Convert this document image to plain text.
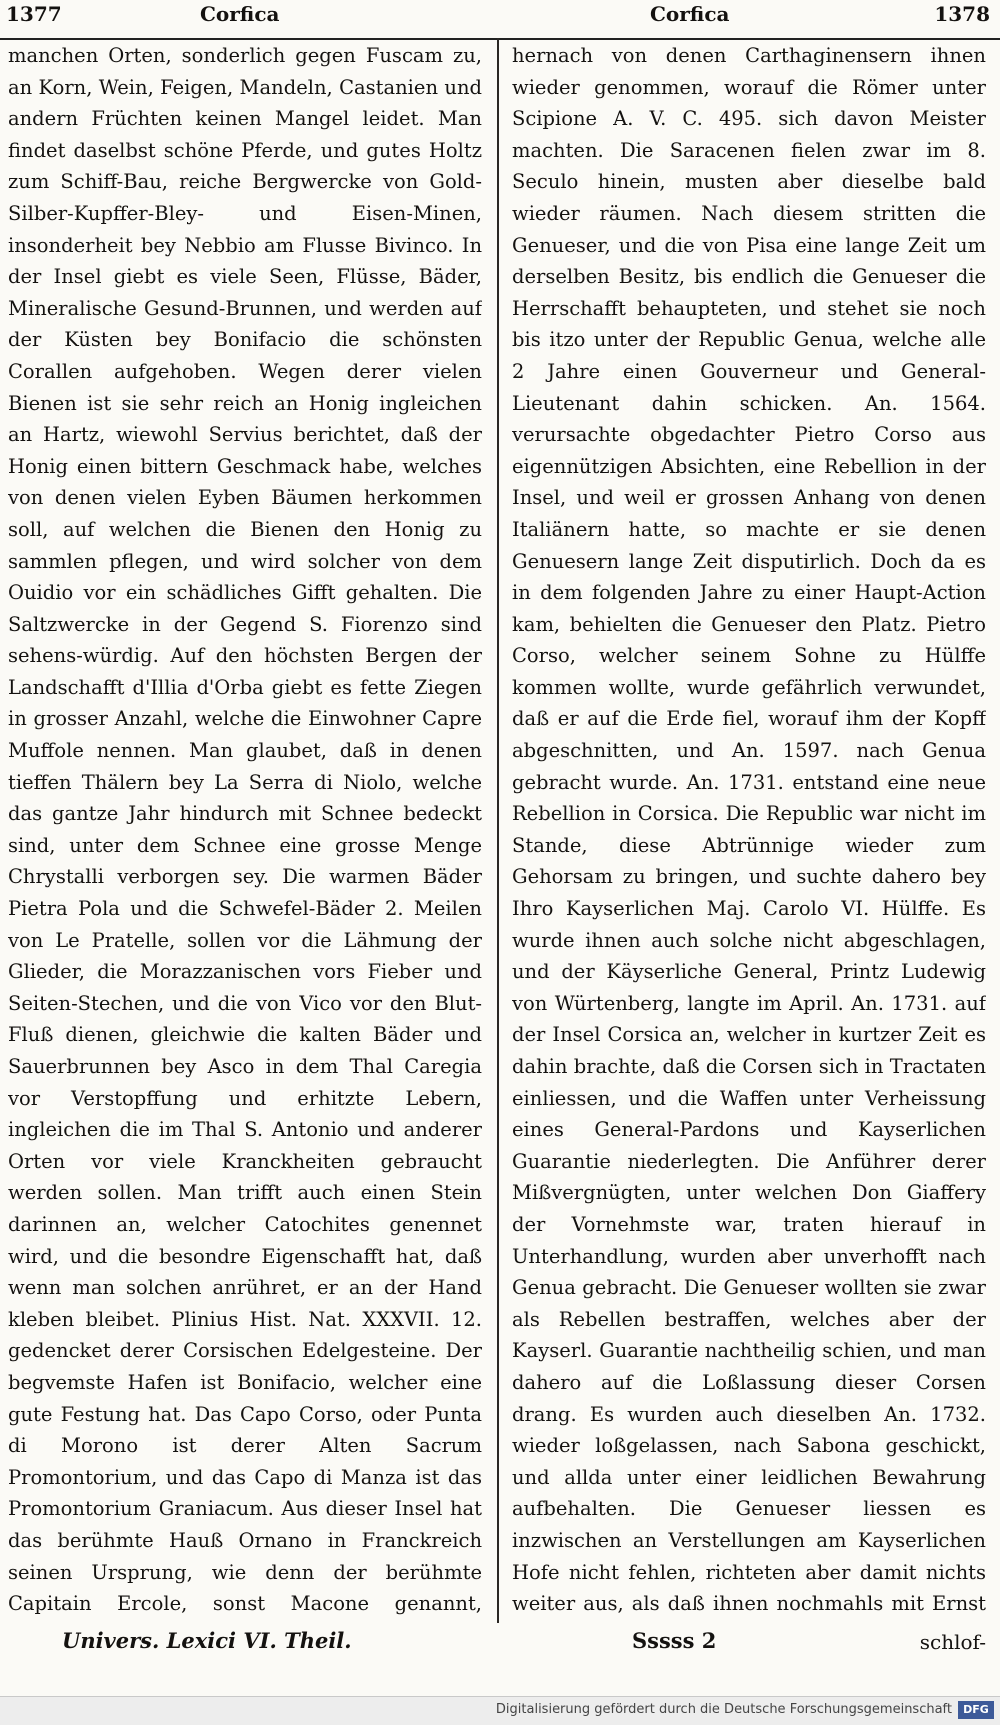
1377	Corfica	Corfica	1378
manchen Orten, sonderlich gegen Fuscam zu, an Korn, Wein, Feigen, Mandeln, Castanien und andern Früchten keinen Mangel leidet. Man findet daselbst schöne Pferde, und gutes Holtz zum Schiff-Bau, reiche Bergwercke von Gold-Silber-Kupffer-Bley- und Eisen-Minen, insonderheit bey Nebbio am Flusse Bivinco. In der Insel giebt es viele Seen, Flüsse, Bäder, Mineralische Gesund-Brunnen, und werden auf der Küsten bey Bonifacio die schönsten Corallen aufgehoben. Wegen derer vielen Bienen ist sie sehr reich an Honig ingleichen an Hartz, wiewohl Servius berichtet, daß der Honig einen bittern Geschmack habe, welches von denen vielen Eyben Bäumen herkommen soll, auf welchen die Bienen den Honig zu sammlen pflegen, und wird solcher von dem Ouidio vor ein schädliches Gifft gehalten. Die Saltzwercke in der Gegend S. Fiorenzo sind sehens-würdig. Auf den höchsten Bergen der Landschafft d'Illia d'Orba giebt es fette Ziegen in grosser Anzahl, welche die Einwohner Capre Muffole nennen. Man glaubet, daß in denen tieffen Thälern bey La Serra di Niolo, welche das gantze Jahr hindurch mit Schnee bedeckt sind, unter dem Schnee eine grosse Menge Chrystalli verborgen sey. Die warmen Bäder Pietra Pola und die Schwefel-Bäder 2. Meilen von Le Pratelle, sollen vor die Lähmung der Glieder, die Morazzanischen vors Fieber und Seiten-Stechen, und die von Vico vor den Blut-Fluß dienen, gleichwie die kalten Bäder und Sauerbrunnen bey Asco in dem Thal Caregia vor Verstopffung und erhitzte Lebern, ingleichen die im Thal S. Antonio und anderer Orten vor viele Kranckheiten gebraucht werden sollen. Man trifft auch einen Stein darinnen an, welcher Catochites genennet wird, und die besondre Eigenschafft hat, daß wenn man solchen anrühret, er an der Hand kleben bleibet. Plinius Hist. Nat. XXXVII. 12. gedencket derer Corsischen Edelgesteine. Der begvemste Hafen ist Bonifacio, welcher eine gute Festung hat. Das Capo Corso, oder Punta di Morono ist derer Alten Sacrum Promontorium, und das Capo di Manza ist das Promontorium Graniacum. Aus dieser Insel hat das berühmte Hauß Ornano in Franckreich seinen Ursprung, wie denn der berühmte Capitain Ercole, sonst Macone genannt,
hernach von denen Carthaginensern ihnen wieder genommen, worauf die Römer unter Scipione A. V. C. 495. sich davon Meister machten. Die Saracenen fielen zwar im 8. Seculo hinein, musten aber dieselbe bald wieder räumen. Nach diesem stritten die Genueser, und die von Pisa eine lange Zeit um derselben Besitz, bis endlich die Genueser die Herrschafft behaupteten, und stehet sie noch bis itzo unter der Republic Genua, welche alle 2 Jahre einen Gouverneur und General-Lieutenant dahin schicken. An. 1564. verursachte obgedachter Pietro Corso aus eigennützigen Absichten, eine Rebellion in der Insel, und weil er grossen Anhang von denen Italiänern hatte, so machte er sie denen Genuesern lange Zeit disputirlich. Doch da es in dem folgenden Jahre zu einer Haupt-Action kam, behielten die Genueser den Platz. Pietro Corso, welcher seinem Sohne zu Hülffe kommen wollte, wurde gefährlich verwundet, daß er auf die Erde fiel, worauf ihm der Kopff abgeschnitten, und An. 1597. nach Genua gebracht wurde. An. 1731. entstand eine neue Rebellion in Corsica. Die Republic war nicht im Stande, diese Abtrünnige wieder zum Gehorsam zu bringen, und suchte dahero bey Ihro Kayserlichen Maj. Carolo VI. Hülffe. Es wurde ihnen auch solche nicht abgeschlagen, und der Käyserliche General, Printz Ludewig von Würtenberg, langte im April. An. 1731. auf der Insel Corsica an, welcher in kurtzer Zeit es dahin brachte, daß die Corsen sich in Tractaten einliessen, und die Waffen unter Verheissung eines General-Pardons und Kayserlichen Guarantie niederlegten. Die Anführer derer Mißvergnügten, unter welchen Don Giaffery der Vornehmste war, traten hierauf in Unterhandlung, wurden aber unverhofft nach Genua gebracht. Die Genueser wollten sie zwar als Rebellen bestraffen, welches aber der Kayserl. Guarantie nachtheilig schien, und man dahero auf die Loßlassung dieser Corsen drang. Es wurden auch dieselben An. 1732. wieder loßgelassen, nach Sabona geschickt, und allda unter einer leidlichen Bewahrung aufbehalten. Die Genueser liessen es inzwischen an Verstellungen am Kayserlichen Hofe nicht fehlen, richteten aber damit nichts weiter aus, als daß ihnen nochmahls mit Ernst
Univers. Lexici VI. Theil.	Sssss 2	schlof-
Digitalisierung gefördert durch die Deutsche Forschungsgemeinschaft	DFG
